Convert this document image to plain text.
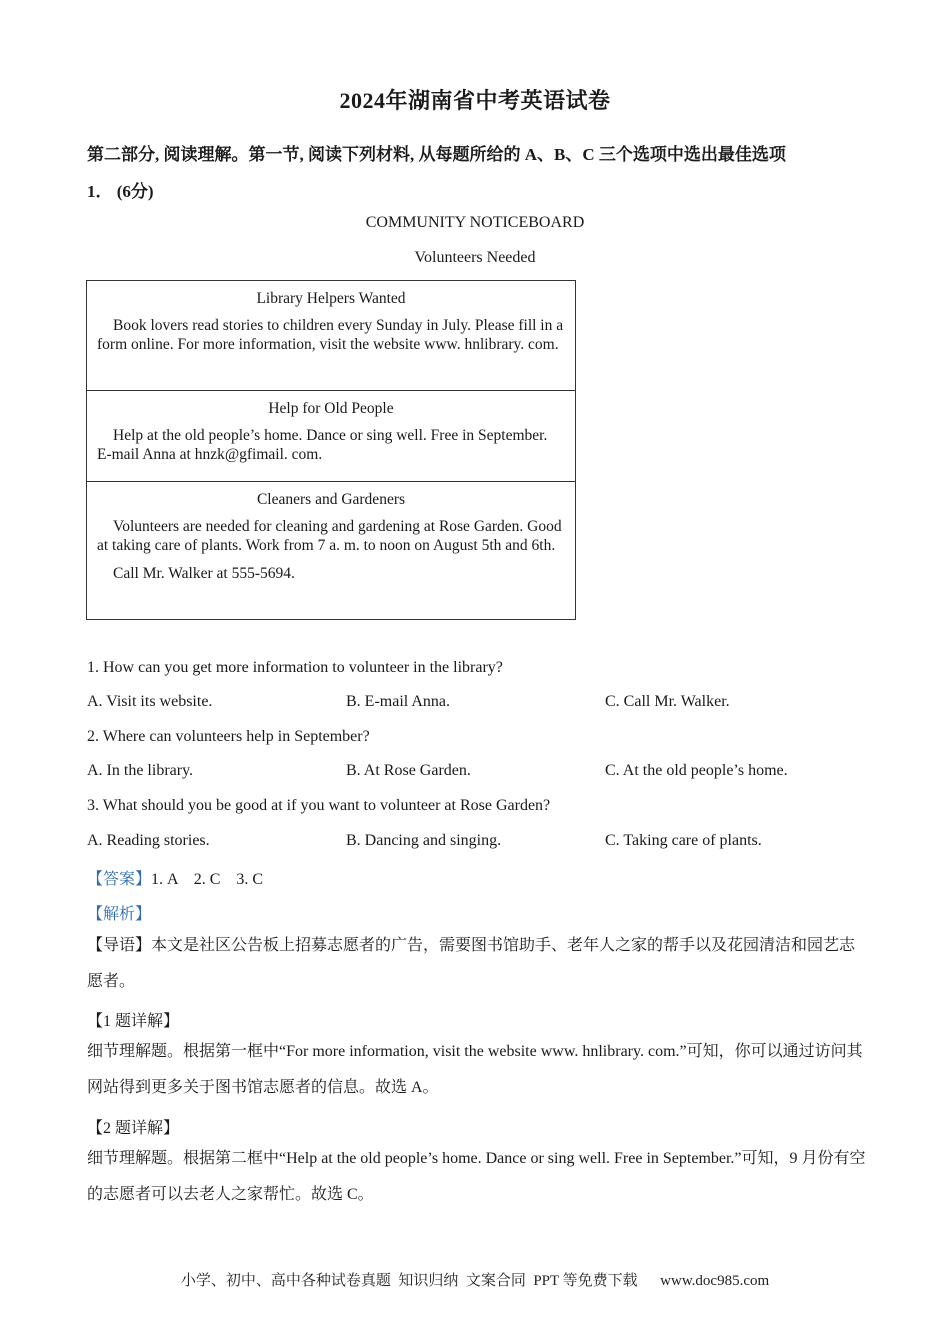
2024年湖南省中考英语试卷
第二部分, 阅读理解。第一节, 阅读下列材料, 从每题所给的 A、B、C 三个选项中选出最佳选项
1． (6分)
COMMUNITY NOTICEBOARD
Volunteers Needed
Library Helpers Wanted

Book lovers read stories to children every Sunday in July. Please fill in a form online. For more information, visit the website www. hnlibrary. com.

Help for Old People

Help at the old people’s home. Dance or sing well. Free in September. E-mail Anna at hnzk@gfimail. com.

Cleaners and Gardeners

Volunteers are needed for cleaning and gardening at Rose Garden. Good at taking care of plants. Work from 7 a. m. to noon on August 5th and 6th.

Call Mr. Walker at 555-5694.

1. How can you get more information to volunteer in the library?
A. Visit its website.	B. E-mail Anna.	C. Call Mr. Walker.
2. Where can volunteers help in September?
A. In the library.	B. At Rose Garden.	C. At the old people’s home.
3. What should you be good at if you want to volunteer at Rose Garden?
A. Reading stories.	B. Dancing and singing.	C. Taking care of plants.
【答案】1. A　2. C　3. C
【解析】
【导语】本文是社区公告板上招募志愿者的广告，需要图书馆助手、老年人之家的帮手以及花园清洁和园艺志愿者。
【1 题详解】
细节理解题。根据第一框中“For more information, visit the website www. hnlibrary. com.”可知，你可以通过访问其网站得到更多关于图书馆志愿者的信息。故选 A。
【2 题详解】
细节理解题。根据第二框中“Help at the old people’s home. Dance or sing well. Free in September.”可知，9 月份有空的志愿者可以去老人之家帮忙。故选 C。
小学、初中、高中各种试卷真题  知识归纳  文案合同  PPT 等免费下载      www.doc985.com
